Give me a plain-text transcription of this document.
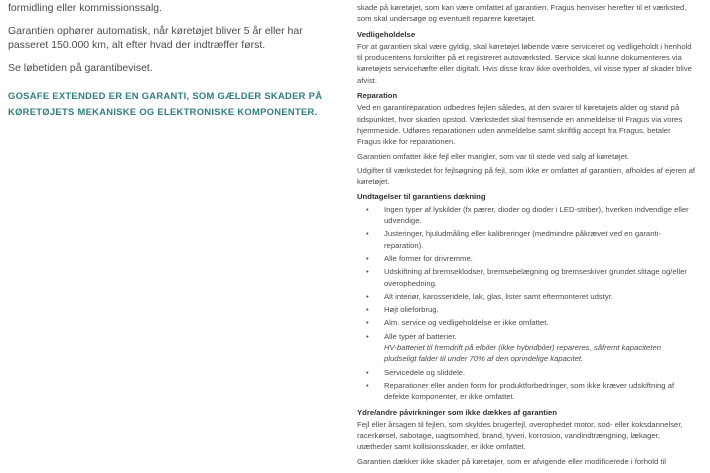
formidling eller kommissionssalg.

Garantien ophører automatisk, når køretøjet bliver 5 år eller har passeret 150.000 km, alt efter hvad der indtræffer først.

Se løbetiden på garantibeviset.

GOSAFE EXTENDED ER EN GARANTI, SOM GÆLDER SKADER PÅ KØRETØJETS MEKANISKE OG ELEKTRONISKE KOMPONENTER.

skade på køretøjet, som kan være omfattet af garantien. Fragus henviser herefter til et værksted, som skal undersøge og eventuelt reparere køretøjet.

Vedligeholdelse

For at garantien skal være gyldig, skal køretøjet løbende være serviceret og vedligeholdt i henhold til producentens forskrifter på et registreret autoværksted. Service skal kunne dokumenteres via køretøjets servicehæfte eller digitalt. Hvis disse krav ikke overholdes, vil visse typer af skader blive afvist.

Reparation

Ved en garantireparation udbedres fejlen således, at den svarer til køretøjets alder og stand på tidspunktet, hvor skaden opstod. Værkstedet skal fremsende en anmeldelse til Fragus via vores hjemmeside. Udføres reparationen uden anmeldelse samt skriftlig accept fra Fragus, betaler Fragus ikke for reparationen.

Garantien omfatter ikke fejl eller mangler, som var til stede ved salg af køretøjet.

Udgifter til værkstedet for fejlsøgning på fejl, som ikke er omfattet af garantien, afholdes af ejeren af køretøjet.

Undtagelser til garantiens dækning
• Ingen typer af lyskilder (fx pærer, dioder og dioder i LED-striber), hverken indvendige eller udvendige.
• Justeringer, hjuludmåling eller kalibreringer (medmindre påkrævet ved en garanti-reparation).
• Alle former for drivremme.
• Udskiftning af bremseklodser, bremsebelægning og bremseskiver grundet slitage og/eller overophedning.
• Alt interiør, karosseridele, lak, glas, lister samt eftermonteret udstyr.
• Højt olieforbrug.
• Alm. service og vedligeholdelse er ikke omfattet.
• Alle typer af batterier.
HV-batteriet til fremdrift på elbiler (ikke hybridbiler) repareres, såfremt kapaciteten pludseligt falder til under 70% af den oprindelige kapacitet.
• Servicedele og sliddele.
• Reparationer eller anden form for produktforbedringer, som ikke kræver udskiftning af defekte komponenter, er ikke omfattet.
Ydre/andre påvirkninger som ikke dækkes af garantien

Fejl eller årsagen til fejlen, som skyldes brugerfejl, overophedet motor, sod- eller koksdannelser, racerkørsel, sabotage, uagtsomhed, brand, tyveri, korrosion, vandindtrængning, lækager, utætheder samt kollisionsskader, er ikke omfattet.

Garantien dækker ikke skader på køretøjer, som er afvigende eller modificerede i forhold til
